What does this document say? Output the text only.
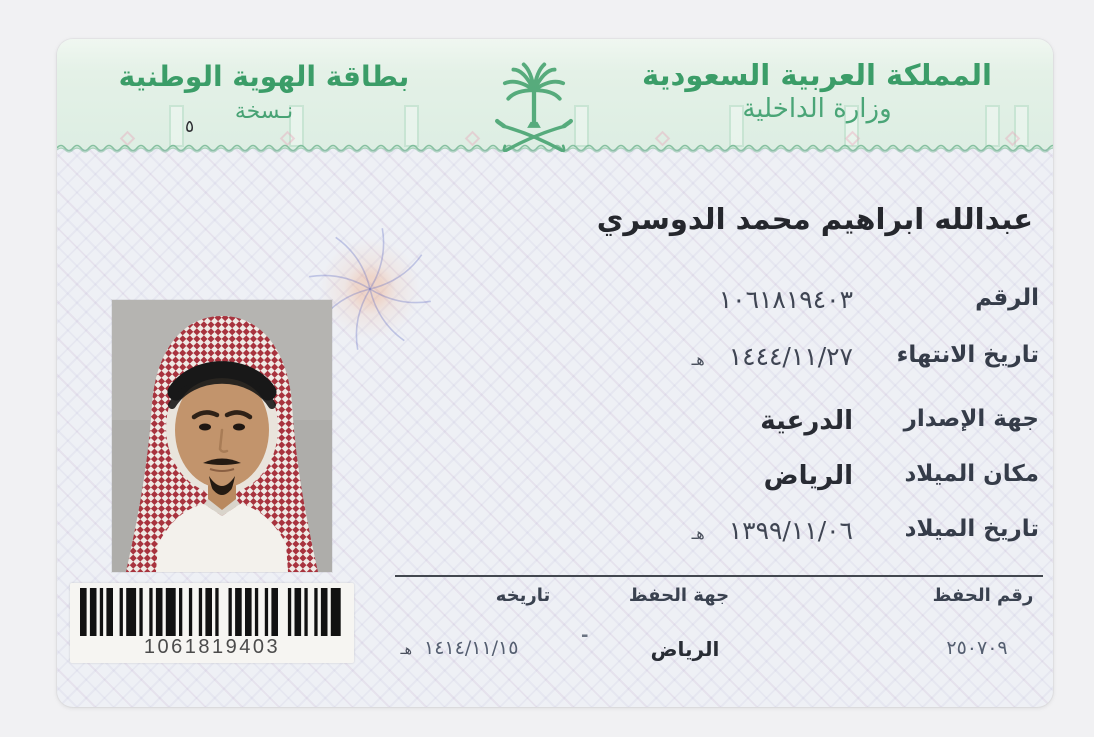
المملكة العربية السعودية
وزارة الداخلية
بطاقة الهوية الوطنية
نـسخة
٥
عبدالله ابراهيم محمد الدوسري
الرقم
١٠٦١٨١٩٤٠٣
تاريخ الانتهاء
١٤٤٤/١١/٢٧هـ
جهة الإصدار
الدرعية
مكان الميلاد
الرياض
تاريخ الميلاد
١٣٩٩/١١/٠٦هـ
رقم الحفظ
جهة الحفظ
تاريخه
٢٥٠٧٠٩
الرياض
-
١٤١٤/١١/١٥هـ
1061819403
